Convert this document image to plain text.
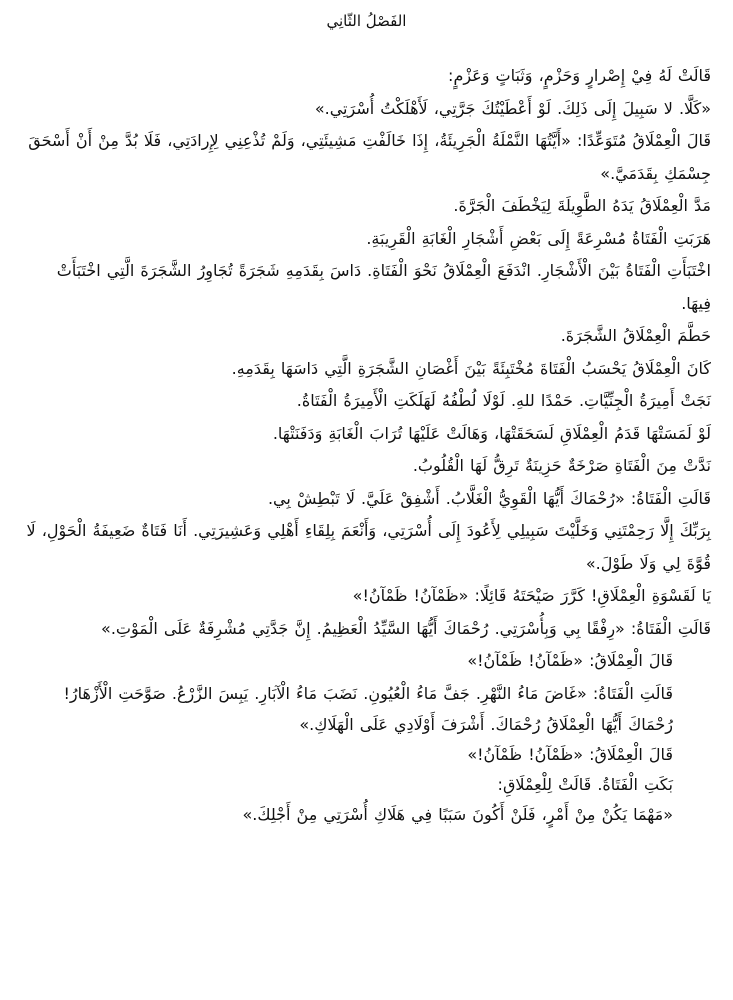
الفَصْلُ الثّانِي

قَالَتْ لَهُ فِيْ إِصْرارٍ وَحَزْمٍ، وَثَبَاتٍ وَعَزْمٍ:

«كَلَّا. لا سَبِيلَ إِلَى ذَلِكَ. لَوْ أَعْطَيْتُكَ جَرَّتِي، لَأَهْلَكْتُ أُسْرَتِي.»

قَالَ الْعِمْلَاقُ مُتَوَعِّدًا: «أَيَّتُهَا النَّمْلَةُ الْجَرِيئَةُ، إِذَا خَالَفْتِ مَشِيئَتِي، وَلَمْ تُذْعِنِي لِإِرادَتِي، فَلَا بُدَّ مِنْ أَنْ أَسْحَقَ جِسْمَكِ بِقَدَمَيَّ.»

مَدَّ الْعِمْلَاقُ يَدَهُ الطَّوِيلَةَ لِيَخْطَفَ الْجَرَّةَ.

هَرَبَتِ الْفَتَاةُ مُسْرِعَةً إِلَى بَعْضِ أَشْجَارِ الْغَابَةِ الْقَرِيبَةِ.

اخْتَبَأَتِ الْفَتَاةُ بَيْنَ الْأَشْجَارِ. انْدَفَعَ الْعِمْلَاقُ نَحْوَ الْفَتَاةِ. دَاسَ بِقَدَمِهِ شَجَرَةً تُجَاوِرُ الشَّجَرَةَ الَّتِي اخْتَبَأَتْ فِيهَا.

حَطَّمَ الْعِمْلَاقُ الشَّجَرَةَ.

كَانَ الْعِمْلَاقُ يَحْسَبُ الْفَتَاةَ مُخْتَبِئَةً بَيْنَ أَغْصَانِ الشَّجَرَةِ الَّتِي دَاسَهَا بِقَدَمِهِ.

نَجَتْ أَمِيرَةُ الْجِنِّيَّاتِ. حَمْدًا للهِ. لَوْلَا لُطْفُهُ لَهَلَكَتِ الْأَمِيرَةُ الْفَتَاةُ.

لَوْ لَمَسَتْهَا قَدَمُ الْعِمْلَاقِ لَسَحَقَتْهَا، وَهَالَتْ عَلَيْهَا تُرَابَ الْغَابَةِ وَدَفَنَتْهَا.

نَدَّتْ مِنَ الْفَتَاةِ صَرْخَةٌ حَزِينَةٌ تَرِقُّ لَهَا الْقُلُوبُ.

قَالَتِ الْفَتَاةُ: «رُحْمَاكَ أَيُّهَا الْقَوِيُّ الْغَلَّابُ. أَشْفِقْ عَلَيَّ. لَا تَبْطِشْ بِي.

بِرَبِّكَ إِلَّا رَحِمْتَنِي وَخَلَّيْتَ سَبِيلِي لِأَعُودَ إِلَى أُسْرَتِي، وَأَنْعَمَ بِلِقَاءِ أَهْلِي وَعَشِيرَتِي. أَنَا فَتَاةٌ ضَعِيفَةُ الْحَوْلِ، لَا قُوَّةَ لِي وَلَا طَوْلَ.»

يَا لَقَسْوَةِ الْعِمْلَاقِ! كَرَّرَ صَيْحَتَهُ قَائِلًا: «ظَمْآنُ! ظَمْآنُ!»

قَالَتِ الْفَتَاةُ: «رِفْقًا بِي وَبِأُسْرَتِي. رُحْمَاكَ أَيُّهَا السَّيِّدُ الْعَظِيمُ. إِنَّ جَدَّتِي مُشْرِفَةٌ عَلَى الْمَوْتِ.»

قَالَ الْعِمْلَاقُ: «ظَمْآنُ! ظَمْآنُ!»

قَالَتِ الْفَتَاةُ: «غَاضَ مَاءُ النَّهْرِ. جَفَّ مَاءُ الْعُيُونِ. نَضَبَ مَاءُ الْآبَارِ. يَبِسَ الزَّرْعُ. صَوَّحَتِ الْأَزْهَارُ!

رُحْمَاكَ أَيُّهَا الْعِمْلَاقُ رُحْمَاكَ. أَشْرَفَ أَوْلَادِي عَلَى الْهَلَاكِ.»

قَالَ الْعِمْلَاقُ: «ظَمْآنُ! ظَمْآنُ!»

بَكَتِ الْفَتَاةُ. قَالَتْ لِلْعِمْلَاقِ:

«مَهْمَا يَكُنْ مِنْ أَمْرٍ، فَلَنْ أَكُونَ سَبَبًا فِي هَلَاكِ أُسْرَتِي مِنْ أَجْلِكَ.»
